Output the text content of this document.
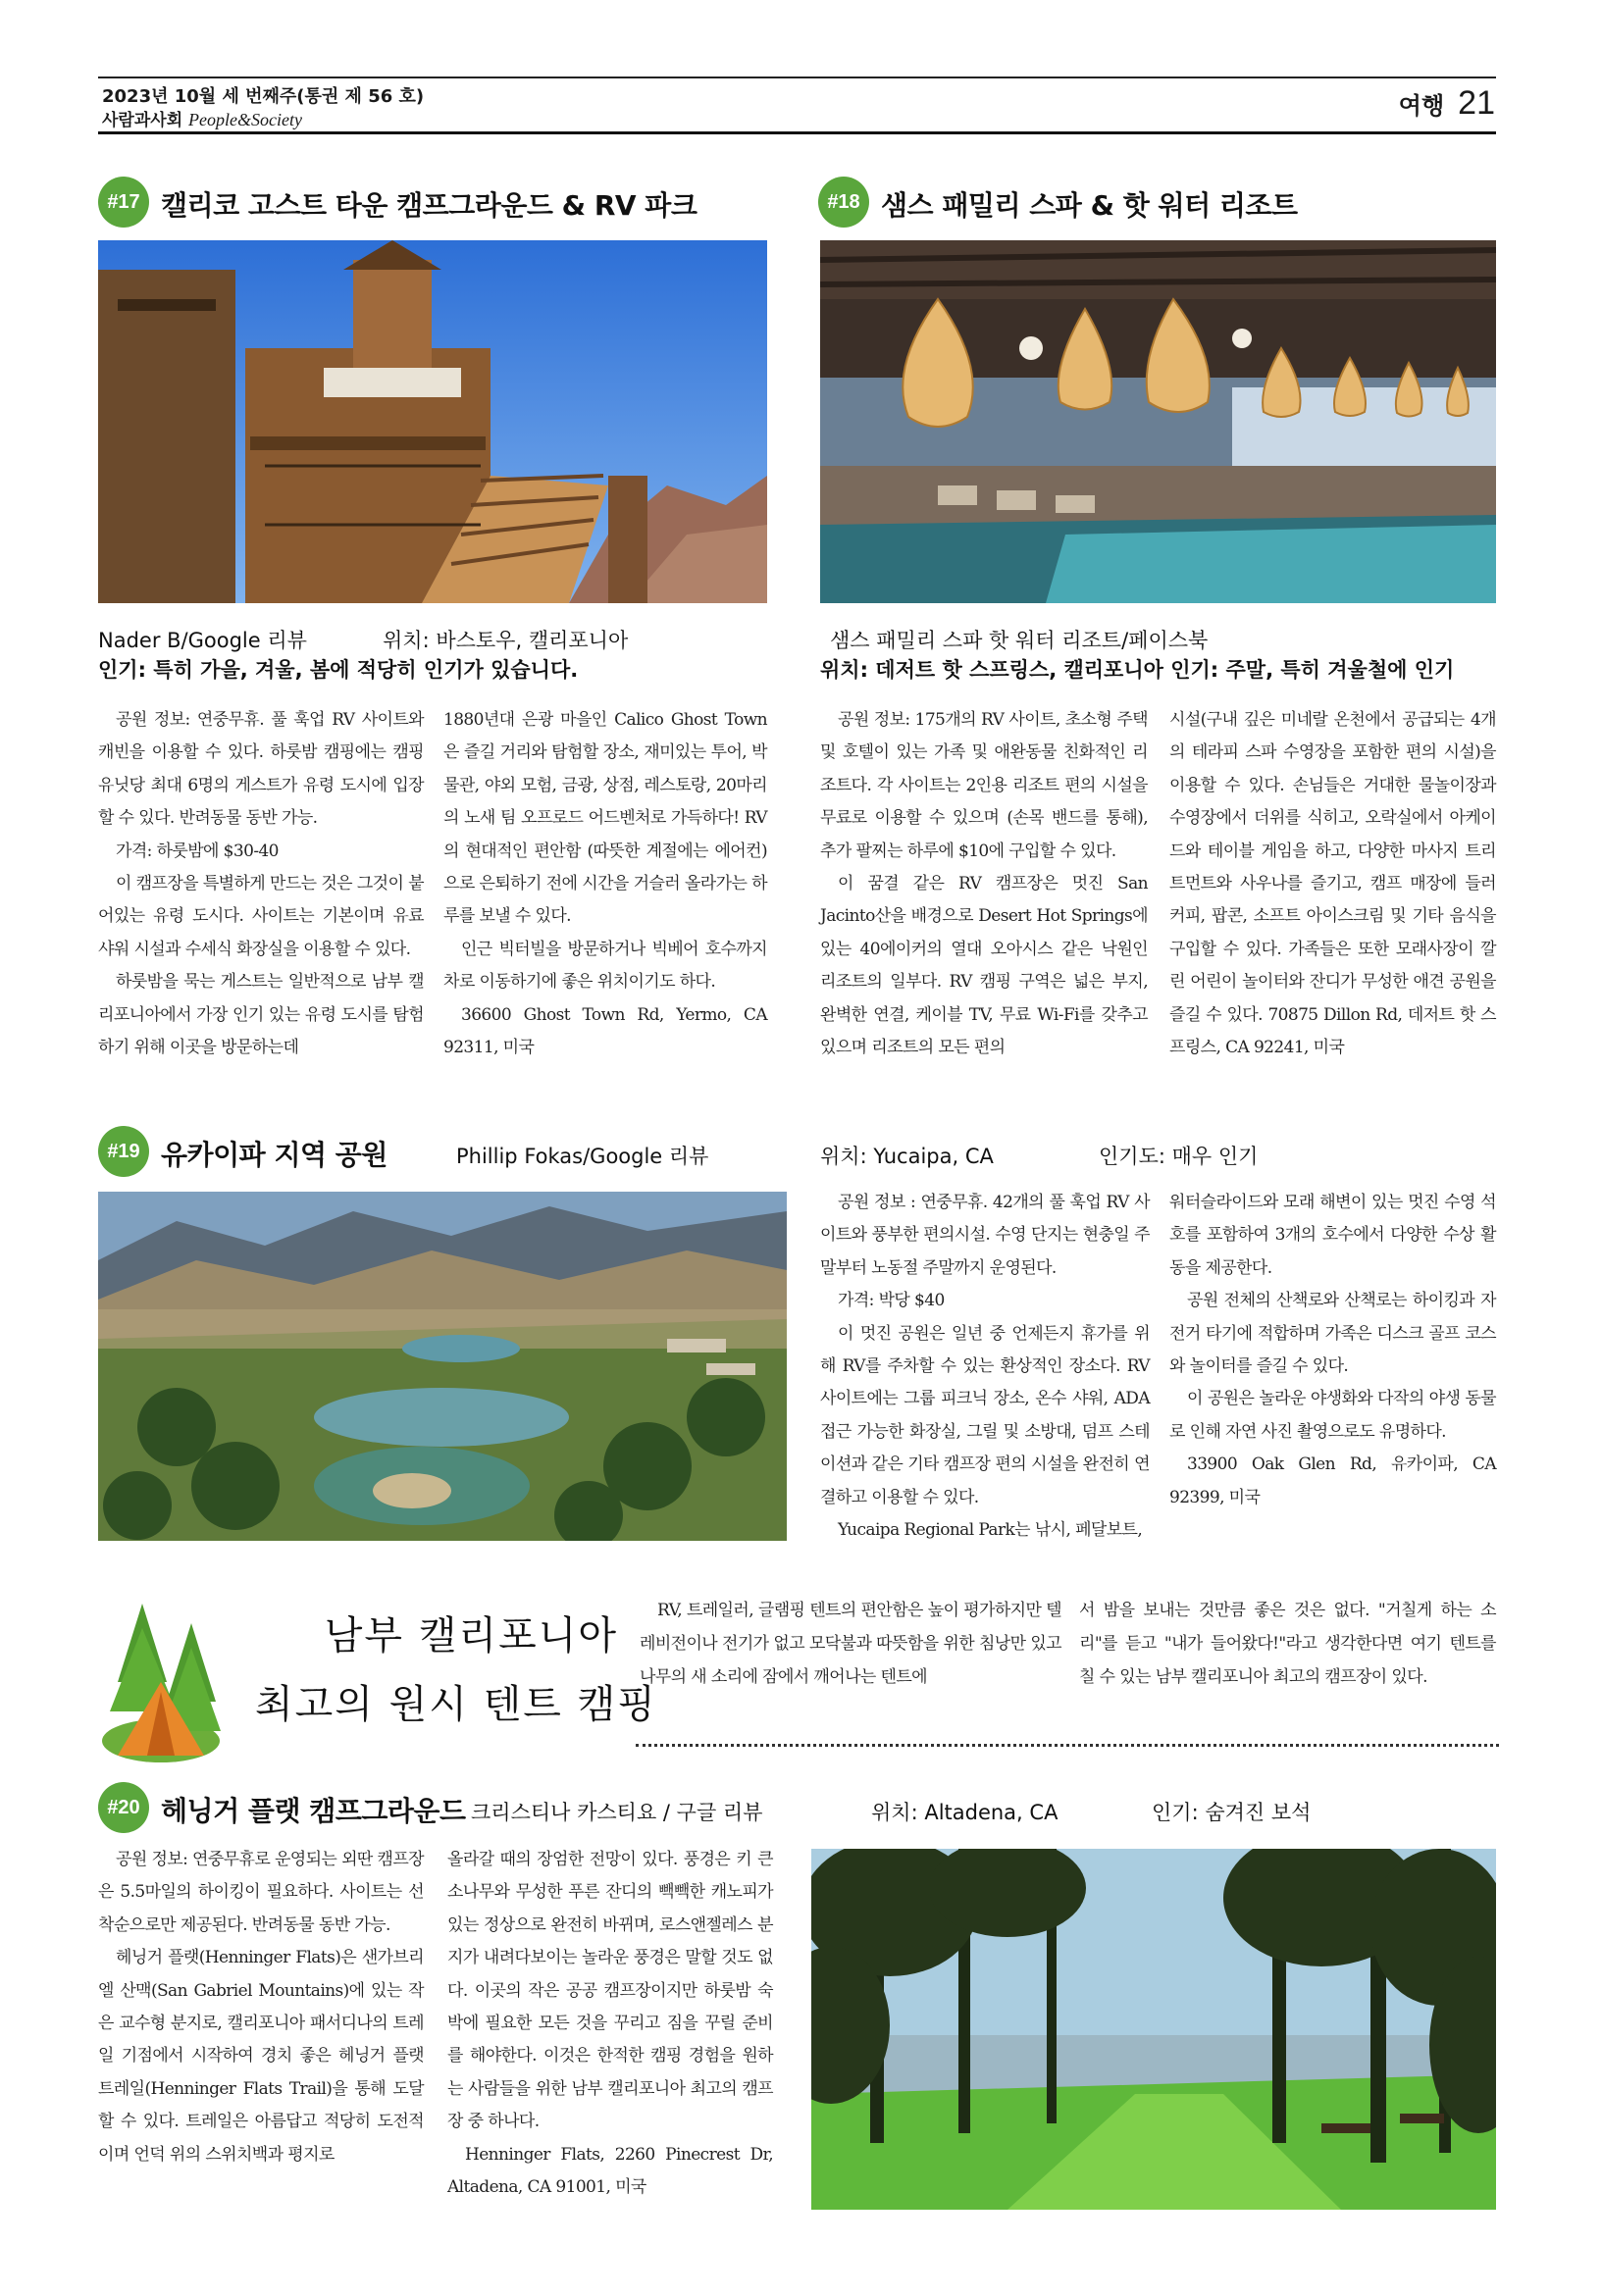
2023년 10월 세 번째주(통권 제 56 호)
사람과사회 People&Society	여행 21
#17 캘리코 고스트 타운 캠프그라운드 & RV 파크
Nader B/Google 리뷰	위치: 바스토우, 캘리포니아
인기: 특히 가을, 겨울, 봄에 적당히 인기가 있습니다.

공원 정보: 연중무휴. 풀 훅업 RV 사이트와 캐빈을 이용할 수 있다. 하룻밤 캠핑에는 캠핑 유닛당 최대 6명의 게스트가 유령 도시에 입장할 수 있다. 반려동물 동반 가능.

가격: 하룻밤에 $30-40

이 캠프장을 특별하게 만드는 것은 그것이 붙어있는 유령 도시다. 사이트는 기본이며 유료 샤워 시설과 수세식 화장실을 이용할 수 있다.

하룻밤을 묵는 게스트는 일반적으로 남부 캘리포니아에서 가장 인기 있는 유령 도시를 탐험하기 위해 이곳을 방문하는데

1880년대 은광 마을인 Calico Ghost Town은 즐길 거리와 탐험할 장소, 재미있는 투어, 박물관, 야외 모험, 금광, 상점, 레스토랑, 20마리의 노새 팀 오프로드 어드벤처로 가득하다! RV의 현대적인 편안함 (따뜻한 계절에는 에어컨) 으로 은퇴하기 전에 시간을 거슬러 올라가는 하루를 보낼 수 있다.

인근 빅터빌을 방문하거나 빅베어 호수까지 차로 이동하기에 좋은 위치이기도 하다.

36600 Ghost Town Rd, Yermo, CA 92311, 미국

#18 샘스 패밀리 스파 & 핫 워터 리조트
샘스 패밀리 스파 핫 워터 리조트/페이스북
위치: 데저트 핫 스프링스, 캘리포니아 인기: 주말, 특히 겨울철에 인기

공원 정보: 175개의 RV 사이트, 초소형 주택 및 호텔이 있는 가족 및 애완동물 친화적인 리조트다. 각 사이트는 2인용 리조트 편의 시설을 무료로 이용할 수 있으며 (손목 밴드를 통해), 추가 팔찌는 하루에 $10에 구입할 수 있다.

이 꿈결 같은 RV 캠프장은 멋진 San Jacinto산을 배경으로 Desert Hot Springs에 있는 40에이커의 열대 오아시스 같은 낙원인 리조트의 일부다. RV 캠핑 구역은 넓은 부지, 완벽한 연결, 케이블 TV, 무료 Wi-Fi를 갖추고 있으며 리조트의 모든 편의

시설(구내 깊은 미네랄 온천에서 공급되는 4개의 테라피 스파 수영장을 포함한 편의 시설)을 이용할 수 있다. 손님들은 거대한 물놀이장과 수영장에서 더위를 식히고, 오락실에서 아케이드와 테이블 게임을 하고, 다양한 마사지 트리트먼트와 사우나를 즐기고, 캠프 매장에 들러 커피, 팝콘, 소프트 아이스크림 및 기타 음식을 구입할 수 있다. 가족들은 또한 모래사장이 깔린 어린이 놀이터와 잔디가 무성한 애견 공원을 즐길 수 있다. 70875 Dillon Rd, 데저트 핫 스프링스, CA 92241, 미국

#19 유카이파 지역 공원	Phillip Fokas/Google 리뷰	위치: Yucaipa, CA	인기도: 매우 인기

공원 정보 : 연중무휴. 42개의 풀 훅업 RV 사이트와 풍부한 편의시설. 수영 단지는 현충일 주말부터 노동절 주말까지 운영된다.

가격: 박당 $40

이 멋진 공원은 일년 중 언제든지 휴가를 위해 RV를 주차할 수 있는 환상적인 장소다. RV 사이트에는 그룹 피크닉 장소, 온수 샤워, ADA 접근 가능한 화장실, 그릴 및 소방대, 덤프 스테이션과 같은 기타 캠프장 편의 시설을 완전히 연결하고 이용할 수 있다.

Yucaipa Regional Park는 낚시, 페달보트,

워터슬라이드와 모래 해변이 있는 멋진 수영 석호를 포함하여 3개의 호수에서 다양한 수상 활동을 제공한다.

공원 전체의 산책로와 산책로는 하이킹과 자전거 타기에 적합하며 가족은 디스크 골프 코스와 놀이터를 즐길 수 있다.

이 공원은 놀라운 야생화와 다작의 야생 동물로 인해 자연 사진 촬영으로도 유명하다.

33900 Oak Glen Rd, 유카이파, CA 92399, 미국

남부 캘리포니아
최고의 원시 텐트 캠핑

RV, 트레일러, 글램핑 텐트의 편안함은 높이 평가하지만 텔레비전이나 전기가 없고 모닥불과 따뜻함을 위한 침낭만 있고 나무의 새 소리에 잠에서 깨어나는 텐트에

서 밤을 보내는 것만큼 좋은 것은 없다. "거칠게 하는 소리"를 듣고 "내가 들어왔다!"라고 생각한다면 여기 텐트를 칠 수 있는 남부 캘리포니아 최고의 캠프장이 있다.

#20 헤닝거 플랫 캠프그라운드 크리스티나 카스티요 / 구글 리뷰	위치: Altadena, CA	인기: 숨겨진 보석

공원 정보: 연중무휴로 운영되는 외딴 캠프장은 5.5마일의 하이킹이 필요하다. 사이트는 선착순으로만 제공된다. 반려동물 동반 가능.

헤닝거 플랫(Henninger Flats)은 샌가브리엘 산맥(San Gabriel Mountains)에 있는 작은 교수형 분지로, 캘리포니아 패서디나의 트레일 기점에서 시작하여 경치 좋은 헤닝거 플랫 트레일(Henninger Flats Trail)을 통해 도달할 수 있다. 트레일은 아름답고 적당히 도전적이며 언덕 위의 스위치백과 평지로

올라갈 때의 장엄한 전망이 있다. 풍경은 키 큰 소나무와 무성한 푸른 잔디의 빽빽한 캐노피가 있는 정상으로 완전히 바뀌며, 로스앤젤레스 분지가 내려다보이는 놀라운 풍경은 말할 것도 없다. 이곳의 작은 공공 캠프장이지만 하룻밤 숙박에 필요한 모든 것을 꾸리고 짐을 꾸릴 준비를 해야한다. 이것은 한적한 캠핑 경험을 원하는 사람들을 위한 남부 캘리포니아 최고의 캠프장 중 하나다.

Henninger Flats, 2260 Pinecrest Dr, Altadena, CA 91001, 미국
